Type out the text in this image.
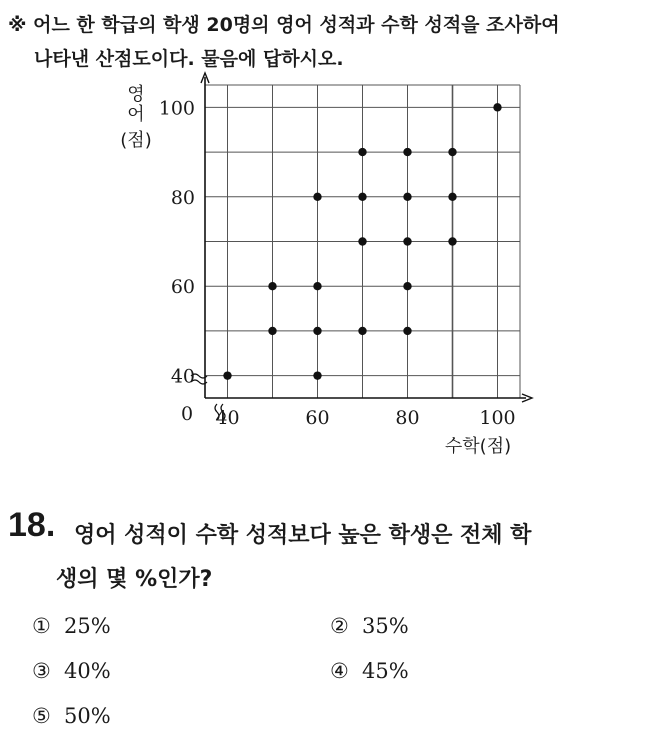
※ 어느 한 학급의 학생 20명의 영어 성적과 수학 성적을 조사하여
나타낸 산점도이다. 물음에 답하시오.
40	60	80	100
40
60
80
100
영
어
(점)
수학(점)
0
18. 영어 성적이 수학 성적보다 높은 학생은 전체 학
생의 몇 %인가?
① 25%	② 35%
③ 40%	④ 45%
⑤ 50%
